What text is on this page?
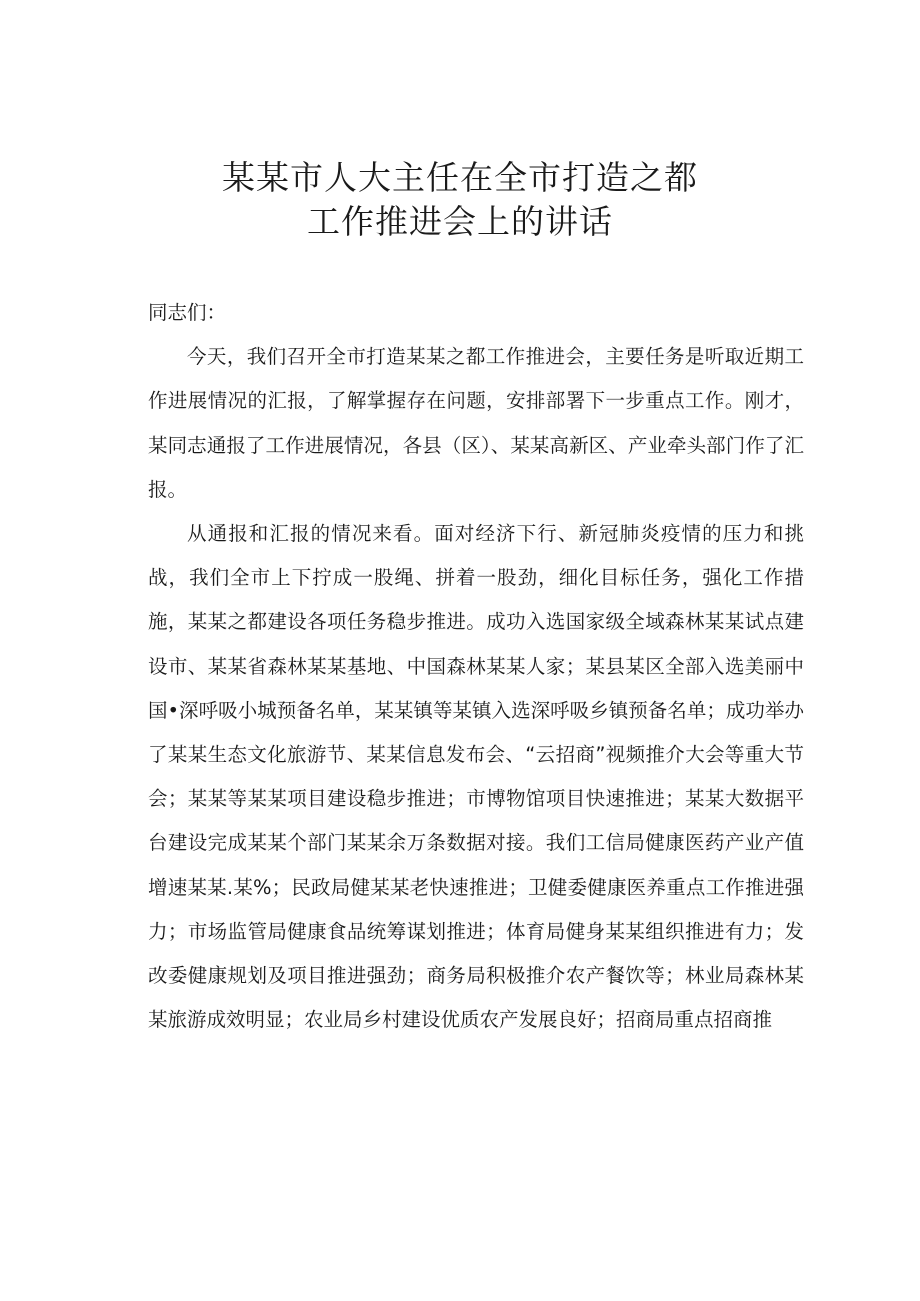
某某市人大主任在全市打造之都
工作推进会上的讲话

同志们：

今天，我们召开全市打造某某之都工作推进会，主要任务是听取近期工作进展情况的汇报，了解掌握存在问题，安排部署下一步重点工作。刚才，某同志通报了工作进展情况，各县（区）、某某高新区、产业牵头部门作了汇报。

从通报和汇报的情况来看。面对经济下行、新冠肺炎疫情的压力和挑战，我们全市上下拧成一股绳、拼着一股劲，细化目标任务，强化工作措施，某某之都建设各项任务稳步推进。成功入选国家级全域森林某某试点建设市、某某省森林某某基地、中国森林某某人家；某县某区全部入选美丽中国•深呼吸小城预备名单，某某镇等某镇入选深呼吸乡镇预备名单；成功举办了某某生态文化旅游节、某某信息发布会、“云招商”视频推介大会等重大节会；某某等某某项目建设稳步推进；市博物馆项目快速推进；某某大数据平台建设完成某某个部门某某余万条数据对接。我们工信局健康医药产业产值增速某某.某%；民政局健某某老快速推进；卫健委健康医养重点工作推进强力；市场监管局健康食品统筹谋划推进；体育局健身某某组织推进有力；发改委健康规划及项目推进强劲；商务局积极推介农产餐饮等；林业局森林某某旅游成效明显；农业局乡村建设优质农产发展良好；招商局重点招商推
